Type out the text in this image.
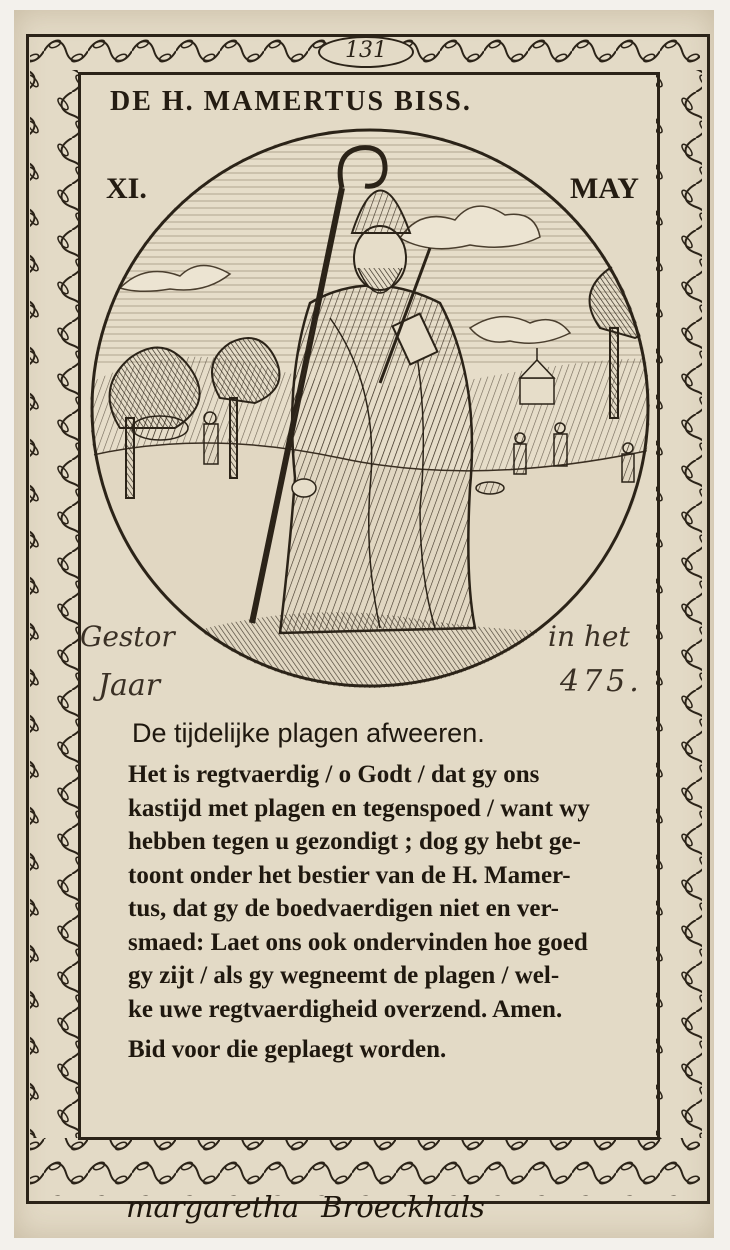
131
DE H. MAMERTUS BISS.
XI.	MAY
Gestor	in het
Jaar	475.
De tijdelijke plagen afweeren.
Het is regtvaerdig / o Godt / dat gy ons
kastijd met plagen en tegenspoed / want wy
hebben tegen u gezondigt ; dog gy hebt ge-
toont onder het bestier van de H. Mamer-
tus, dat gy de boedvaerdigen niet en ver-
smaed: Laet ons ook ondervinden hoe goed
gy zijt / als gy wegneemt de plagen / wel-
ke uwe regtvaerdigheid overzend. Amen.
Bid voor die geplaegt worden.
margaretha Broeckhals
